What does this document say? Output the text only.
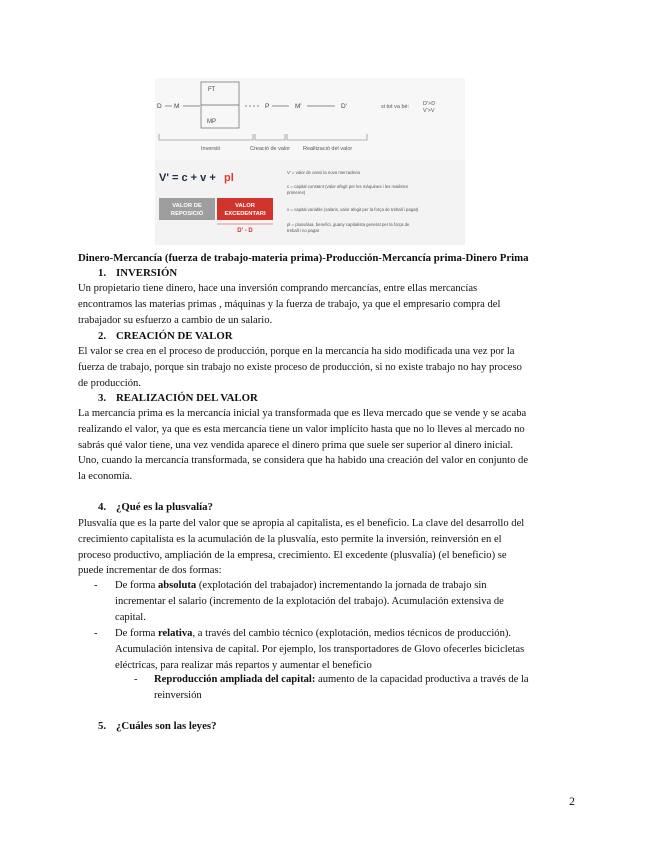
D M
FT
MP
P	M'	D'	si tot va bé:	D'>D
V'>V
Inversió	Creació de valor Realització del valor
V' = c + v + pl
VALOR DE
REPOSICIÓ
VALOR
EXCEDENTARI
D' - D
V' = valor de canvi la nova mercaderia
c = capital constant (valor afegit per les màquines i les matèries
primeres)
v = capital variable (salaris, valor afegit per la força de treball i pagat)
pl = plusvàlua, benefici, guany capitalista generat per la força de
treball i no pagat
Dinero-Mercancía (fuerza de trabajo-materia prima)-Producción-Mercancía prima-Dinero Prima
1. INVERSIÓN
Un propietario tiene dinero, hace una inversión comprando mercancías, entre ellas mercancías
encontramos las materias primas , máquinas y la fuerza de trabajo, ya que el empresario compra del
trabajador su esfuerzo a cambio de un salario.
2. CREACIÓN DE VALOR
El valor se crea en el proceso de producción, porque en la mercancía ha sido modificada una vez por la
fuerza de trabajo, porque sin trabajo no existe proceso de producción, si no existe trabajo no hay proceso
de producción.
3. REALIZACIÓN DEL VALOR
La mercancía prima es la mercancía inicial ya transformada que es lleva mercado que se vende y se acaba
realizando el valor, ya que es esta mercancía tiene un valor implícito hasta que no lo lleves al mercado no
sabrás qué valor tiene, una vez vendida aparece el dinero prima que suele ser superior al dinero inicial.
Uno, cuando la mercancía transformada, se considera que ha habido una creación del valor en conjunto de
la economía.
4. ¿Qué es la plusvalía?
Plusvalía que es la parte del valor que se apropia al capitalista, es el beneficio. La clave del desarrollo del
crecimiento capitalista es la acumulación de la plusvalía, esto permite la inversión, reinversión en el
proceso productivo, ampliación de la empresa, crecimiento. El excedente (plusvalía) (el beneficio) se
puede incrementar de dos formas:
- De forma absoluta (explotación del trabajador) incrementando la jornada de trabajo sin
incrementar el salario (incremento de la explotación del trabajo). Acumulación extensiva de
capital.
- De forma relativa, a través del cambio técnico (explotación, medios técnicos de producción).
Acumulación intensiva de capital. Por ejemplo, los transportadores de Glovo ofecerles bicicletas
eléctricas, para realizar más repartos y aumentar el beneficio
- Reproducción ampliada del capital: aumento de la capacidad productiva a través de la
reinversión
5. ¿Cuáles son las leyes?
2
